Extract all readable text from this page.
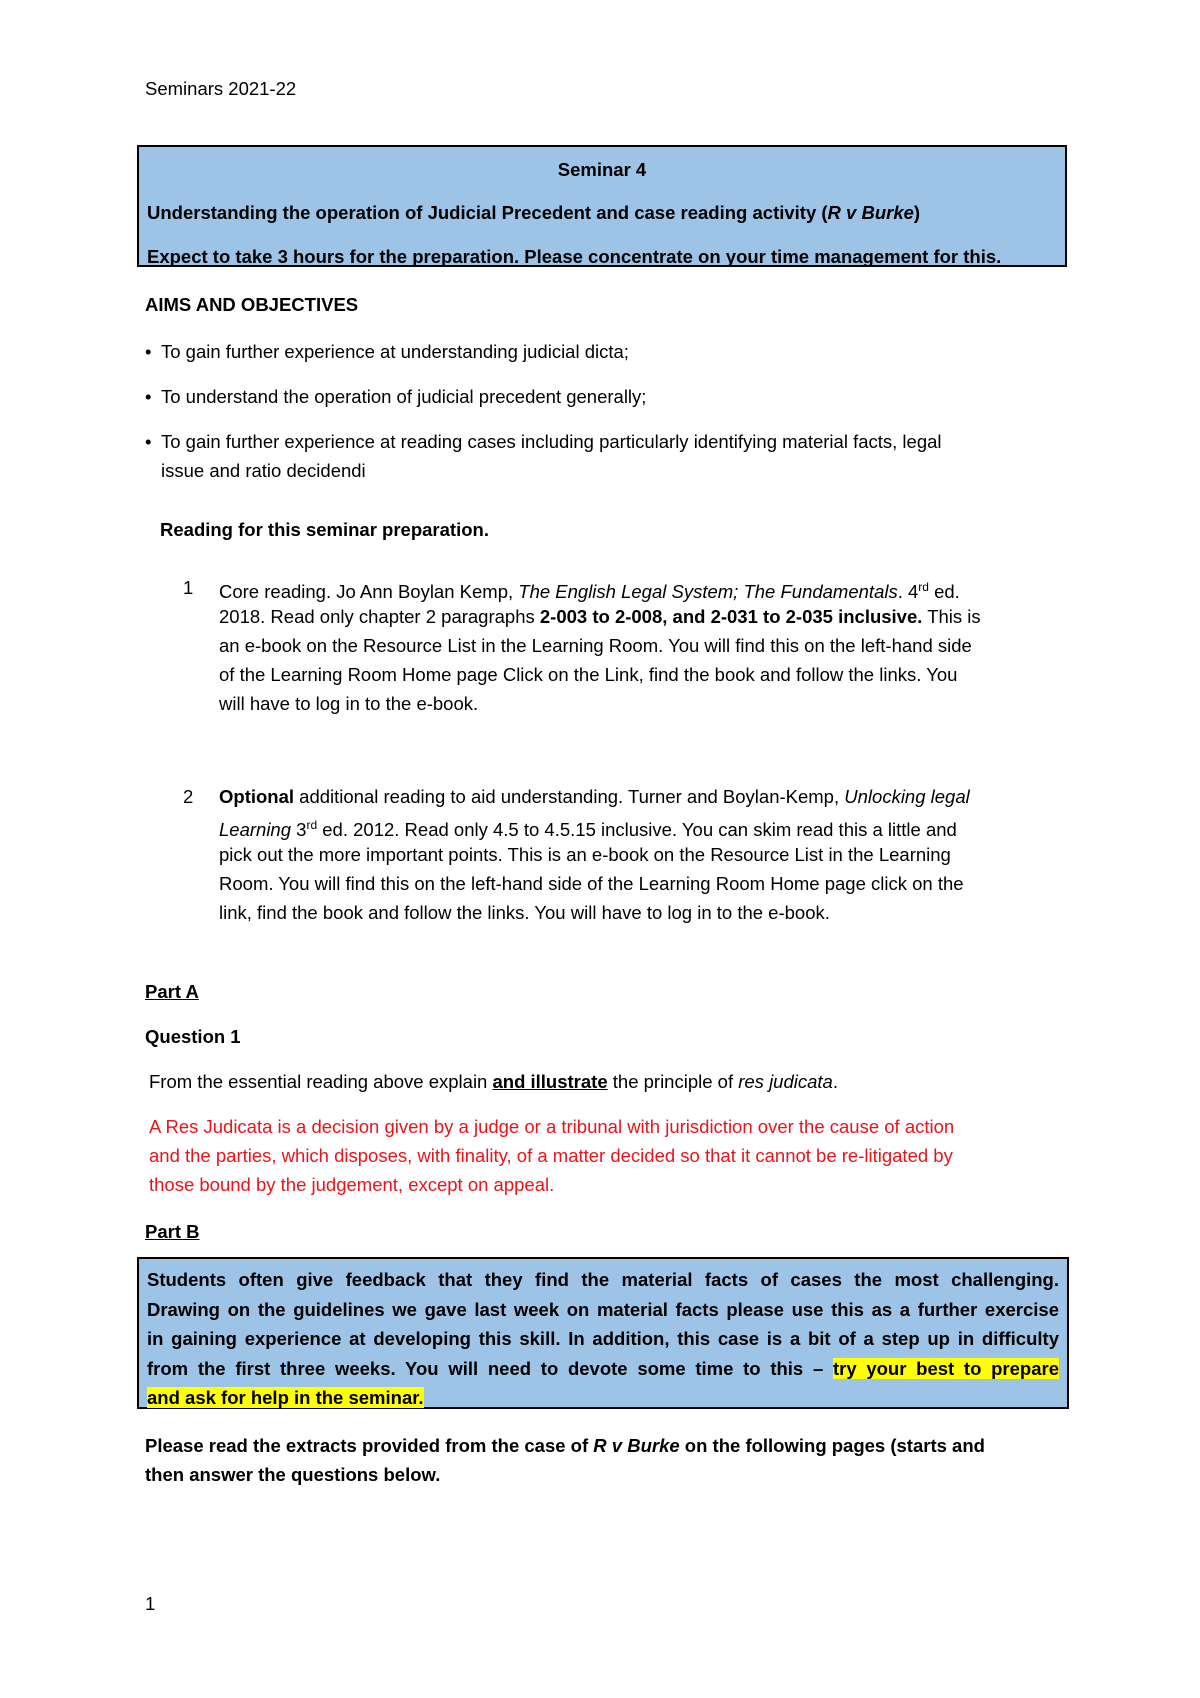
Seminars 2021-22
Seminar 4
Understanding the operation of Judicial Precedent and case reading activity (R v Burke)
Expect to take 3 hours for the preparation. Please concentrate on your time management for this.
AIMS AND OBJECTIVES
• To gain further experience at understanding judicial dicta;
• To understand the operation of judicial precedent generally;
• To gain further experience at reading cases including particularly identifying material facts, legal
issue and ratio decidendi
Reading for this seminar preparation.
1 Core reading. Jo Ann Boylan Kemp, The English Legal System; The Fundamentals. 4rd ed.
2018. Read only chapter 2 paragraphs 2-003 to 2-008, and 2-031 to 2-035 inclusive. This is
an e-book on the Resource List in the Learning Room. You will find this on the left-hand side
of the Learning Room Home page Click on the Link, find the book and follow the links. You
will have to log in to the e-book.
2 Optional additional reading to aid understanding. Turner and Boylan-Kemp, Unlocking legal
Learning 3rd ed. 2012. Read only 4.5 to 4.5.15 inclusive. You can skim read this a little and
pick out the more important points. This is an e-book on the Resource List in the Learning
Room. You will find this on the left-hand side of the Learning Room Home page click on the
link, find the book and follow the links. You will have to log in to the e-book.
Part A
Question 1
From the essential reading above explain and illustrate the principle of res judicata.
A Res Judicata is a decision given by a judge or a tribunal with jurisdiction over the cause of action
and the parties, which disposes, with finality, of a matter decided so that it cannot be re-litigated by
those bound by the judgement, except on appeal.
Part B
Students often give feedback that they find the material facts of cases the most challenging.
Drawing on the guidelines we gave last week on material facts please use this as a further exercise
in gaining experience at developing this skill. In addition, this case is a bit of a step up in difficulty
from the first three weeks. You will need to devote some time to this – try your best to prepare
and ask for help in the seminar.
Please read the extracts provided from the case of R v Burke on the following pages (starts and
then answer the questions below.
1
